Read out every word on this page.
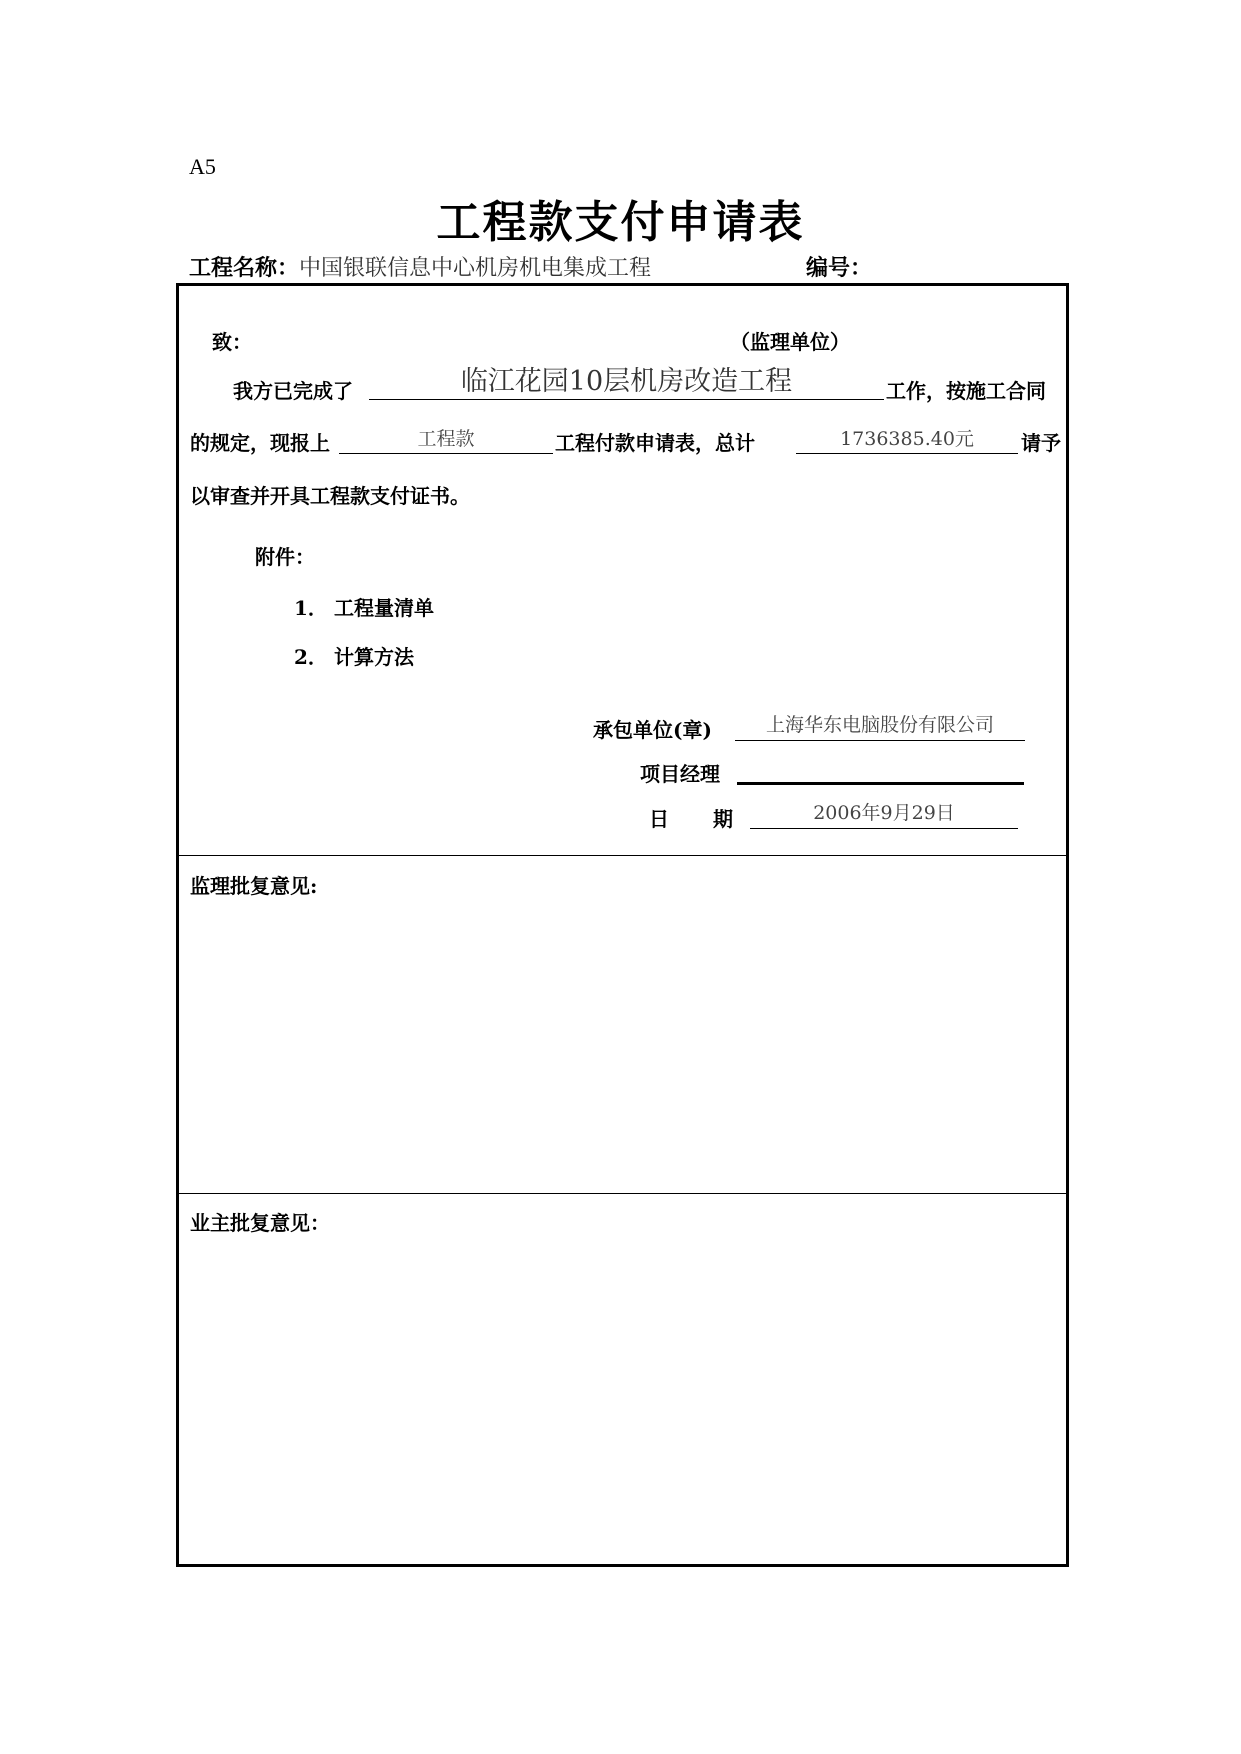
A5
工程款支付申请表
工程名称：中国银联信息中心机房机电集成工程	编号：
致：	（监理单位）
我方已完成了	临江花园10层机房改造工程	工作，按施工合同
的规定，现报上	工程款	工程付款申请表，总计	1736385.40元	请予
以审查并开具工程款支付证书。
附件：
1． 工程量清单
2． 计算方法
承包单位(章)	上海华东电脑股份有限公司
项目经理
日 期	2006年9月29日
监理批复意见:
业主批复意见：
